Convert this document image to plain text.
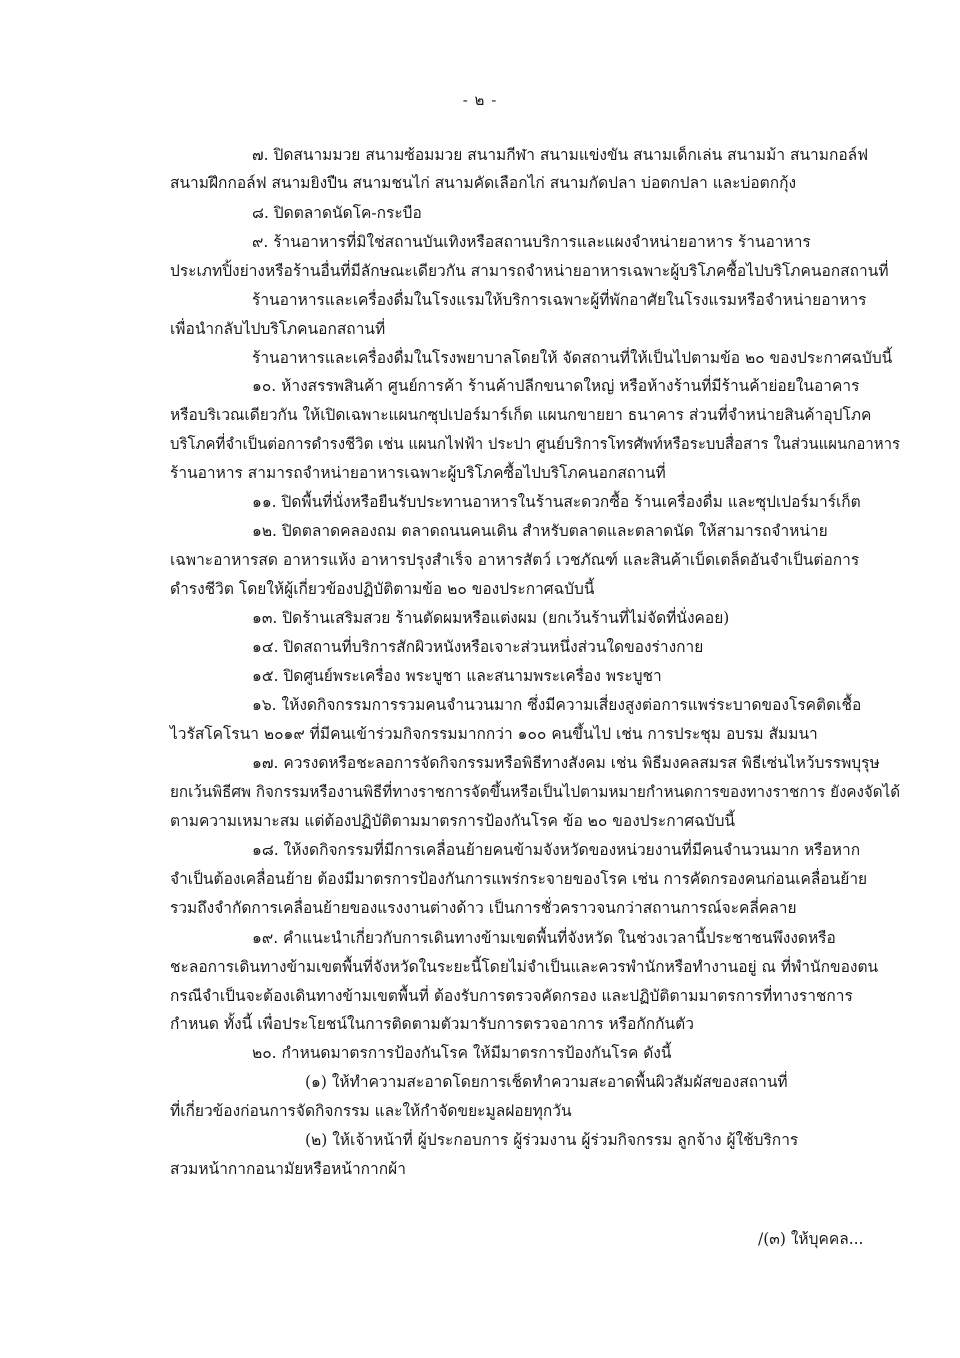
- ๒ -
๗. ปิดสนามมวย สนามซ้อมมวย สนามกีฬา สนามแข่งขัน สนามเด็กเล่น สนามม้า สนามกอล์ฟ
สนามฝึกกอล์ฟ สนามยิงปืน สนามชนไก่ สนามคัดเลือกไก่ สนามกัดปลา บ่อตกปลา และบ่อตกกุ้ง
๘. ปิดตลาดนัดโค-กระบือ
๙. ร้านอาหารที่มิใช่สถานบันเทิงหรือสถานบริการและแผงจำหน่ายอาหาร ร้านอาหาร
ประเภทปิ้งย่างหรือร้านอื่นที่มีลักษณะเดียวกัน สามารถจำหน่ายอาหารเฉพาะผู้บริโภคซื้อไปบริโภคนอกสถานที่
ร้านอาหารและเครื่องดื่มในโรงแรมให้บริการเฉพาะผู้ที่พักอาศัยในโรงแรมหรือจำหน่ายอาหาร
เพื่อนำกลับไปบริโภคนอกสถานที่
ร้านอาหารและเครื่องดื่มในโรงพยาบาลโดยให้ จัดสถานที่ให้เป็นไปตามข้อ ๒๐ ของประกาศฉบับนี้
๑๐. ห้างสรรพสินค้า ศูนย์การค้า ร้านค้าปลีกขนาดใหญ่ หรือห้างร้านที่มีร้านค้าย่อยในอาคาร
หรือบริเวณเดียวกัน ให้เปิดเฉพาะแผนกซุปเปอร์มาร์เก็ต แผนกขายยา ธนาคาร ส่วนที่จำหน่ายสินค้าอุปโภค
บริโภคที่จำเป็นต่อการดำรงชีวิต เช่น แผนกไฟฟ้า ประปา ศูนย์บริการโทรศัพท์หรือระบบสื่อสาร ในส่วนแผนกอาหาร
ร้านอาหาร สามารถจำหน่ายอาหารเฉพาะผู้บริโภคซื้อไปบริโภคนอกสถานที่
๑๑. ปิดพื้นที่นั่งหรือยืนรับประทานอาหารในร้านสะดวกซื้อ ร้านเครื่องดื่ม และซุปเปอร์มาร์เก็ต
๑๒. ปิดตลาดคลองถม ตลาดถนนคนเดิน สำหรับตลาดและตลาดนัด ให้สามารถจำหน่าย
เฉพาะอาหารสด อาหารแห้ง อาหารปรุงสำเร็จ อาหารสัตว์ เวชภัณฑ์ และสินค้าเบ็ดเตล็ดอันจำเป็นต่อการ
ดำรงชีวิต โดยให้ผู้เกี่ยวข้องปฏิบัติตามข้อ ๒๐ ของประกาศฉบับนี้
๑๓. ปิดร้านเสริมสวย ร้านตัดผมหรือแต่งผม (ยกเว้นร้านที่ไม่จัดที่นั่งคอย)
๑๔. ปิดสถานที่บริการสักผิวหนังหรือเจาะส่วนหนึ่งส่วนใดของร่างกาย
๑๕. ปิดศูนย์พระเครื่อง พระบูชา และสนามพระเครื่อง พระบูชา
๑๖. ให้งดกิจกรรมการรวมคนจำนวนมาก ซึ่งมีความเสี่ยงสูงต่อการแพร่ระบาดของโรคติดเชื้อ
ไวรัสโคโรนา ๒๐๑๙ ที่มีคนเข้าร่วมกิจกรรมมากกว่า ๑๐๐ คนขึ้นไป เช่น การประชุม อบรม สัมมนา
๑๗. ควรงดหรือชะลอการจัดกิจกรรมหรือพิธีทางสังคม เช่น พิธีมงคลสมรส พิธีเซ่นไหว้บรรพบุรุษ
ยกเว้นพิธีศพ กิจกรรมหรืองานพิธีที่ทางราชการจัดขึ้นหรือเป็นไปตามหมายกำหนดการของทางราชการ ยังคงจัดได้
ตามความเหมาะสม แต่ต้องปฏิบัติตามมาตรการป้องกันโรค ข้อ ๒๐ ของประกาศฉบับนี้
๑๘. ให้งดกิจกรรมที่มีการเคลื่อนย้ายคนข้ามจังหวัดของหน่วยงานที่มีคนจำนวนมาก หรือหาก
จำเป็นต้องเคลื่อนย้าย ต้องมีมาตรการป้องกันการแพร่กระจายของโรค เช่น การคัดกรองคนก่อนเคลื่อนย้าย
รวมถึงจำกัดการเคลื่อนย้ายของแรงงานต่างด้าว เป็นการชั่วคราวจนกว่าสถานการณ์จะคลี่คลาย
๑๙. คำแนะนำเกี่ยวกับการเดินทางข้ามเขตพื้นที่จังหวัด ในช่วงเวลานี้ประชาชนพึงงดหรือ
ชะลอการเดินทางข้ามเขตพื้นที่จังหวัดในระยะนี้โดยไม่จำเป็นและควรพำนักหรือทำงานอยู่ ณ ที่พำนักของตน
กรณีจำเป็นจะต้องเดินทางข้ามเขตพื้นที่ ต้องรับการตรวจคัดกรอง และปฏิบัติตามมาตรการที่ทางราชการ
กำหนด ทั้งนี้ เพื่อประโยชน์ในการติดตามตัวมารับการตรวจอาการ หรือกักกันตัว
๒๐. กำหนดมาตรการป้องกันโรค ให้มีมาตรการป้องกันโรค ดังนี้
(๑) ให้ทำความสะอาดโดยการเช็ดทำความสะอาดพื้นผิวสัมผัสของสถานที่
ที่เกี่ยวข้องก่อนการจัดกิจกรรม และให้กำจัดขยะมูลฝอยทุกวัน
(๒) ให้เจ้าหน้าที่ ผู้ประกอบการ ผู้ร่วมงาน ผู้ร่วมกิจกรรม ลูกจ้าง ผู้ใช้บริการ
สวมหน้ากากอนามัยหรือหน้ากากผ้า
/(๓) ให้บุคคล...
